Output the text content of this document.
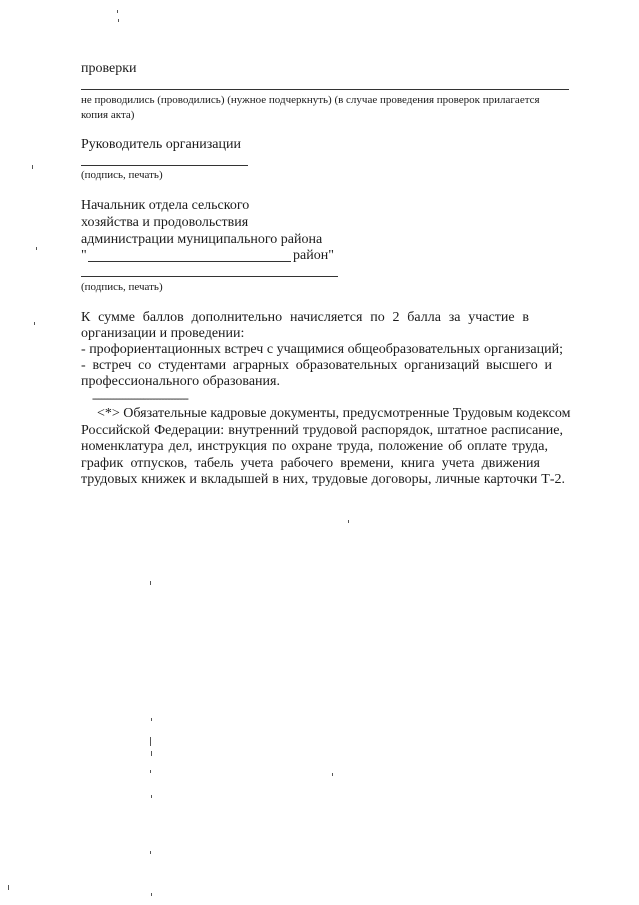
проверки
не проводились (проводились) (нужное подчеркнуть) (в случае проведения проверок прилагается
копия акта)
Руководитель организации
(подпись, печать)
Начальник отдела сельского
хозяйства и продовольствия
администрации муниципального района
"	район"
(подпись, печать)
К сумме баллов дополнительно начисляется по 2 балла за участие в
организации и проведении:
- профориентационных встреч с учащимися общеобразовательных организаций;
- встреч со студентами аграрных образовательных организаций высшего и
профессионального образования.
--------------------------------
<*> Обязательные кадровые документы, предусмотренные Трудовым кодексом
Российской Федерации: внутренний трудовой распорядок, штатное расписание,
номенклатура дел, инструкция по охране труда, положение об оплате труда,
график отпусков, табель учета рабочего времени, книга учета движения
трудовых книжек и вкладышей в них, трудовые договоры, личные карточки Т-2.
